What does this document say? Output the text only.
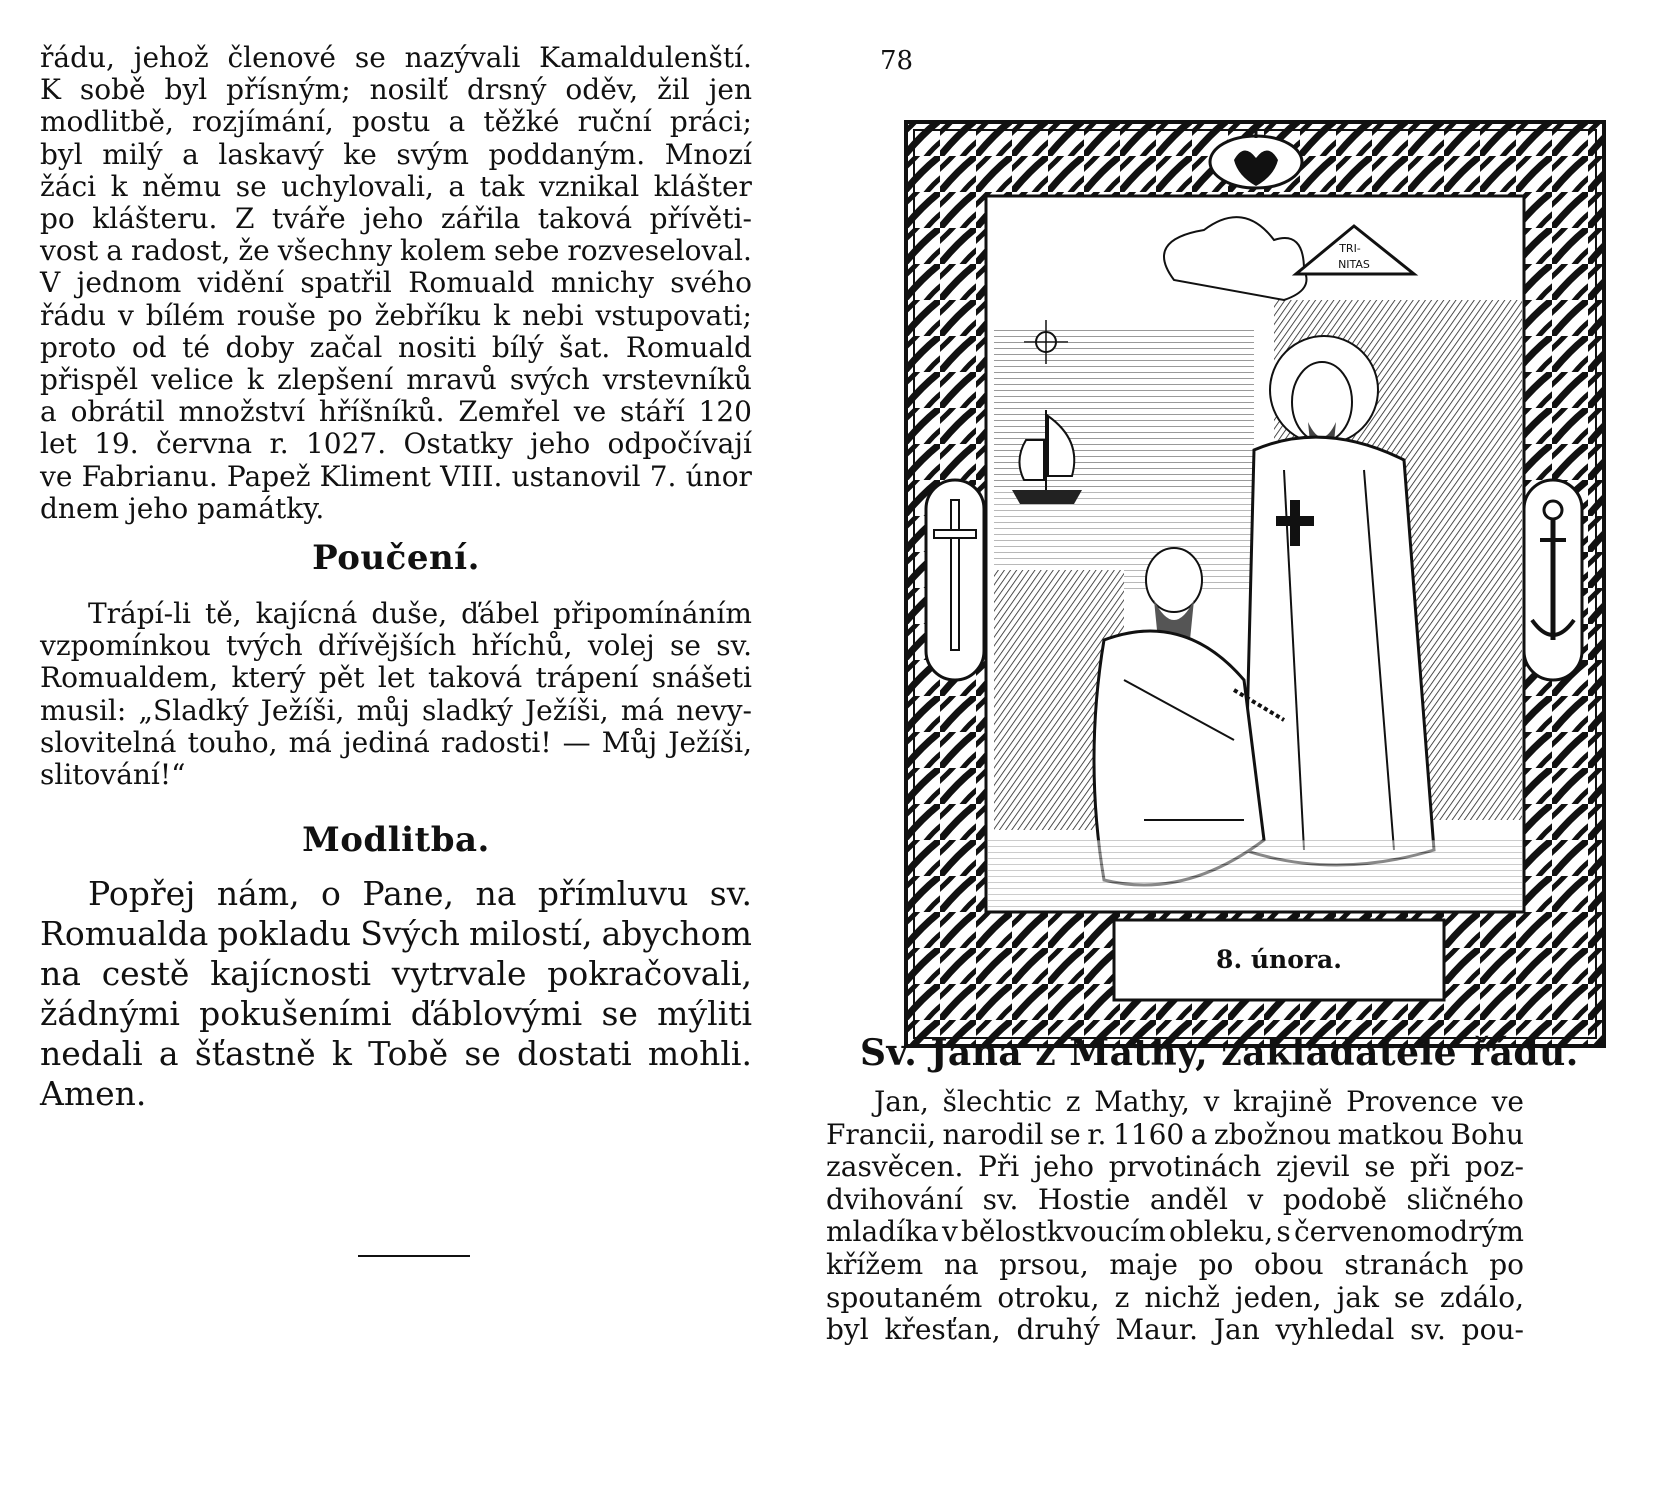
řádu, jehož členové se nazývali Kamaldulenští.
K sobě byl přísným; nosilť drsný oděv, žil jen
modlitbě, rozjímání, postu a těžké ruční práci;
byl milý a laskavý ke svým poddaným. Mnozí
žáci k němu se uchylovali, a tak vznikal klášter
po klášteru. Z tváře jeho zářila taková přívěti-
vost a radost, že všechny kolem sebe rozveseloval.
V jednom vidění spatřil Romuald mnichy svého
řádu v bílém rouše po žebříku k nebi vstupovati;
proto od té doby začal nositi bílý šat. Romuald
přispěl velice k zlepšení mravů svých vrstevníků
a obrátil množství hříšníků. Zemřel ve stáří 120
let 19. června r. 1027. Ostatky jeho odpočívají
ve Fabrianu. Papež Kliment VIII. ustanovil 7. únor
dnem jeho památky.
Poučení.
Trápí-li tě, kajícná duše, ďábel připomínáním
vzpomínkou tvých dřívějších hříchů, volej se sv.
Romualdem, který pět let taková trápení snášeti
musil: „Sladký Ježíši, můj sladký Ježíši, má nevy-
slovitelná touho, má jediná radosti! — Můj Ježíši,
slitování!“
Modlitba.
Popřej nám, o Pane, na přímluvu sv.
Romualda pokladu Svých milostí, abychom
na cestě kajícnosti vytrvale pokračovali,
žádnými pokušeními ďáblovými se mýliti
nedali a šťastně k Tobě se dostati mohli.
Amen.
78
TRI-
NITAS
8. února.
Sv. Jana z Mathy, zakladatele řádu.
Jan, šlechtic z Mathy, v krajině Provence ve
Francii, narodil se r. 1160 a zbožnou matkou Bohu
zasvěcen. Při jeho prvotinách zjevil se při poz-
dvihování sv. Hostie anděl v podobě sličného
mladíka v bělostkvoucím obleku, s červenomodrým
křížem na prsou, maje po obou stranách po
spoutaném otroku, z nichž jeden, jak se zdálo,
byl křesťan, druhý Maur. Jan vyhledal sv. pou-
